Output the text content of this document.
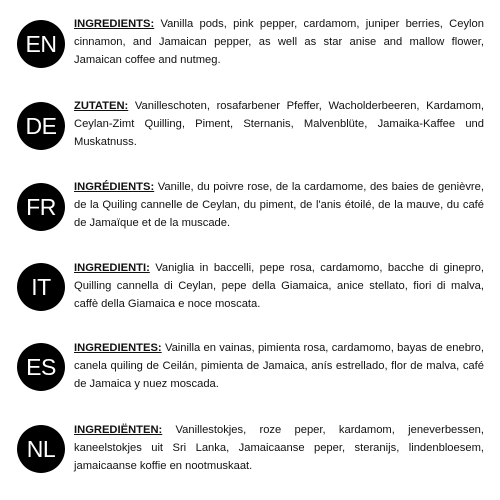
EN
INGREDIENTS: Vanilla pods, pink pepper, cardamom, juniper berries, Ceylon cinnamon, and Jamaican pepper, as well as star anise and mallow flower, Jamaican coffee and nutmeg.
DE
ZUTATEN: Vanilleschoten, rosafarbener Pfeffer, Wacholderbeeren, Kardamom, Ceylan-Zimt Quilling, Piment, Sternanis, Malvenblüte, Jamaika-Kaffee und Muskatnuss.
FR
INGRÉDIENTS: Vanille, du poivre rose, de la cardamome, des baies de genièvre, de la Quiling cannelle de Ceylan, du piment, de l'anis étoilé, de la mauve, du café de Jamaïque et de la muscade.
IT
INGREDIENTI: Vaniglia in baccelli, pepe rosa, cardamomo, bacche di ginepro, Quilling cannella di Ceylan, pepe della Giamaica, anice stellato, fiori di malva, caffè della Giamaica e noce moscata.
ES
INGREDIENTES: Vainilla en vainas, pimienta rosa, cardamomo, bayas de enebro, canela quiling de Ceilán, pimienta de Jamaica, anís estrellado, flor de malva, café de Jamaica y nuez moscada.
NL
INGREDIËNTEN: Vanillestokjes, roze peper, kardamom, jeneverbessen, kaneelstokjes uit Sri Lanka, Jamaicaanse peper, steranijs, lindenbloesem, jamaicaanse koffie en nootmuskaat.
